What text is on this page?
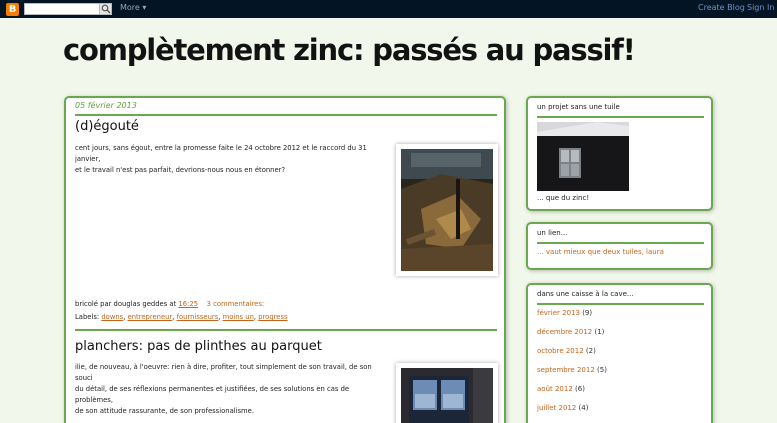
B	More ▾	Create Blog Sign In
complètement zinc: passés au passif!
05 février 2013
(d)égouté
cent jours, sans égout, entre la promesse faite le 24 octobre 2012 et le raccord du 31 janvier,
et le travail n'est pas parfait, devrions-nous nous en étonner?
bricolé par douglas geddes at 16:25 3 commentaires:
Labels: downs, entrepreneur, fournisseurs, moins un, progress
planchers: pas de plinthes au parquet
ilie, de nouveau, à l'oeuvre: rien à dire, profiter, tout simplement de son travail, de son souci
du détail, de ses réflexions permanentes et justifiées, de ses solutions en cas de problèmes,
de son attitude rassurante, de son professionalisme.
un projet sans une tuile
... que du zinc!
un lien...
... vaut mieux que deux tuiles, laura
dans une caisse à la cave...
février 2013 (9)
décembre 2012 (1)
octobre 2012 (2)
septembre 2012 (5)
août 2012 (6)
juillet 2012 (4)
